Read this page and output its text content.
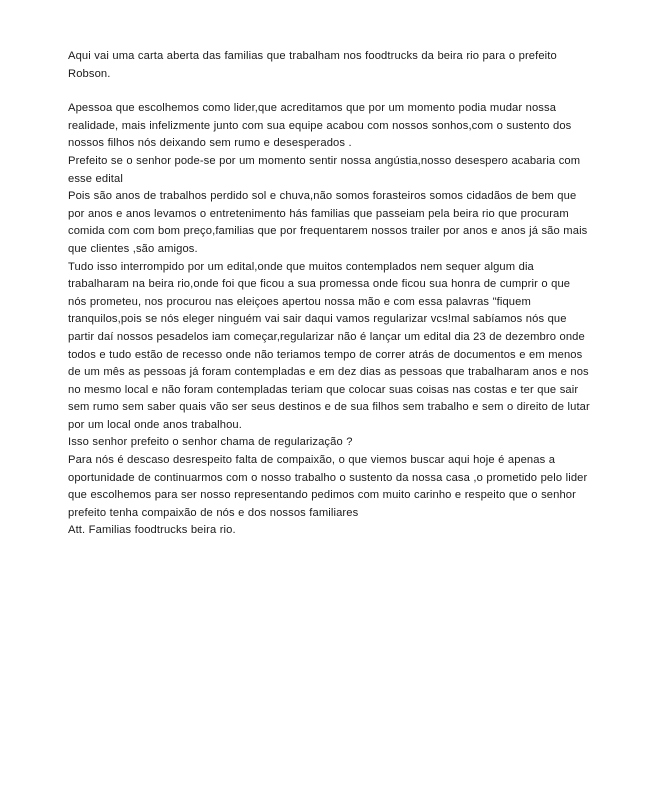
Aqui vai uma carta aberta das familias que trabalham nos foodtrucks da beira rio para o prefeito Robson.

Apessoa que escolhemos como lider,que acreditamos que por um momento podia mudar nossa realidade, mais infelizmente junto com sua equipe acabou com nossos sonhos,com o sustento dos nossos filhos nós deixando sem rumo e desesperados .

Prefeito se o senhor pode-se por um momento sentir nossa angústia,nosso desespero acabaria com esse edital

Pois são anos de trabalhos perdido sol e chuva,não somos forasteiros somos cidadãos de bem que por anos e anos levamos o entretenimento hás familias que passeiam pela beira rio que procuram comida com com bom preço,familias que por frequentarem nossos trailer por anos e anos já são mais que clientes ,são amigos.

Tudo isso interrompido por um edital,onde que muitos contemplados nem sequer algum dia trabalharam na beira rio,onde foi que ficou a sua promessa onde ficou sua honra de cumprir o que nós prometeu, nos procurou nas eleiçoes apertou nossa mão e com essa palavras "fiquem tranquilos,pois se nós eleger ninguém vai sair daqui vamos regularizar vcs!mal sabíamos nós que partir daí nossos pesadelos iam começar,regularizar não é lançar um edital dia 23 de dezembro onde todos e tudo estão de recesso onde não teriamos tempo de correr atrás de documentos e em menos de um mês as pessoas já foram contempladas e em dez dias as pessoas que trabalharam anos e nos no mesmo local e não foram contempladas teriam que colocar suas coisas nas costas e ter que sair sem rumo sem saber quais vão ser seus destinos e de sua filhos sem trabalho e sem o direito de lutar por um local onde anos trabalhou.

Isso senhor prefeito o senhor chama de regularização ?

Para nós é descaso desrespeito falta de compaixão, o que viemos buscar aqui hoje é apenas a oportunidade de continuarmos com o nosso trabalho o sustento da nossa casa ,o prometido pelo lider que escolhemos para ser nosso representando pedimos com muito carinho e respeito que o senhor prefeito tenha compaixão de nós e dos nossos familiares

Att. Familias foodtrucks beira rio.
